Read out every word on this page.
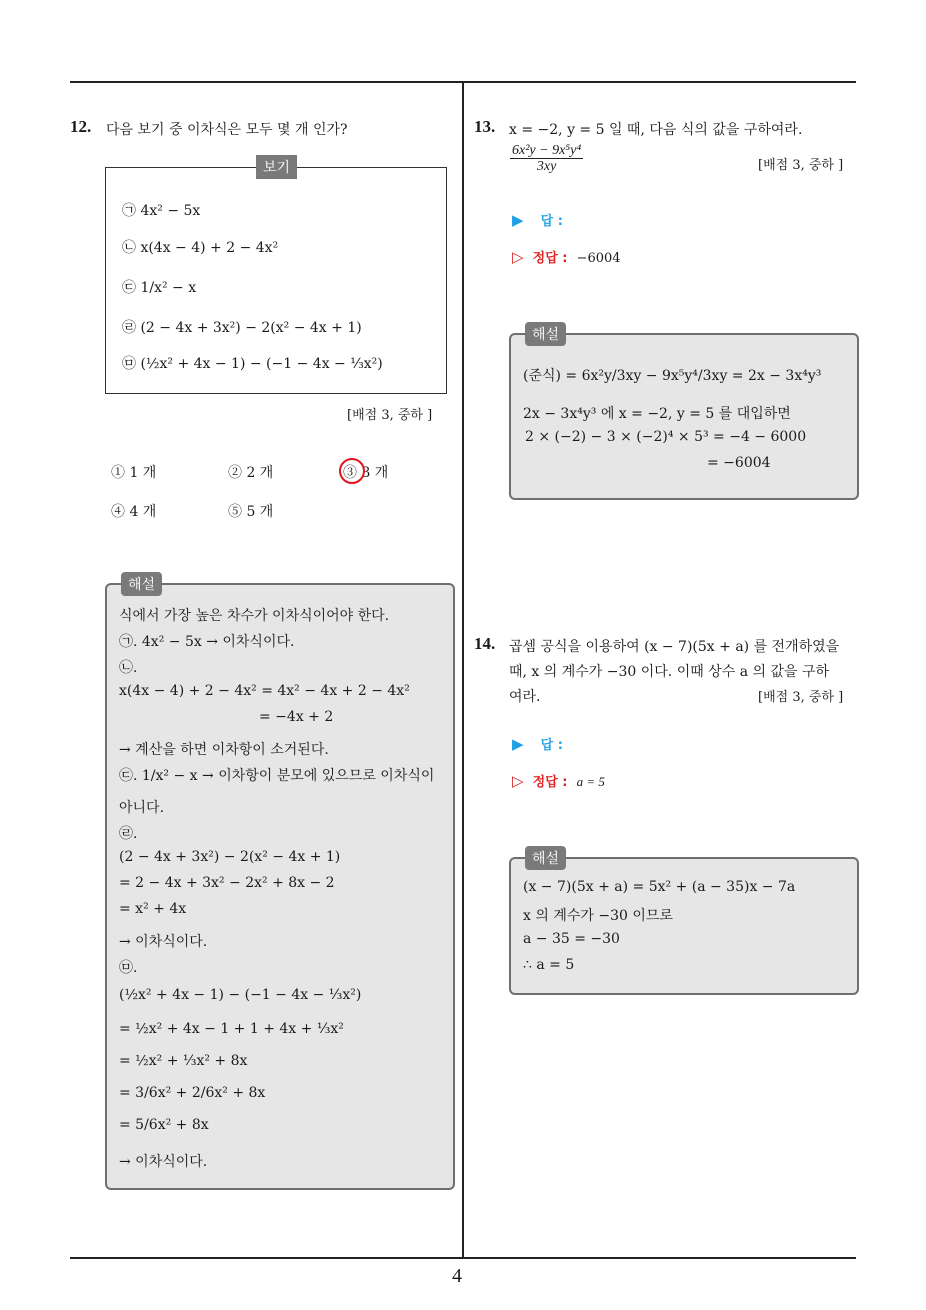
4
12. 다음 보기 중 이차식은 모두 몇 개 인가?
보기
㉠ 4x² − 5x
㉡ x(4x − 4) + 2 − 4x²
㉢ 1/x² − x
㉣ (2 − 4x + 3x²) − 2(x² − 4x + 1)
㉤ (½x² + 4x − 1) − (−1 − 4x − ⅓x²)
[배점 3, 중하 ]
① 1 개	② 2 개	③ 3 개
④ 4 개	⑤ 5 개
해설
식에서 가장 높은 차수가 이차식이어야 한다.
㉠. 4x² − 5x → 이차식이다.
㉡.
x(4x − 4) + 2 − 4x² = 4x² − 4x + 2 − 4x²
= −4x + 2
→ 계산을 하면 이차항이 소거된다.
㉢. 1/x² − x → 이차항이 분모에 있으므로 이차식이
아니다.
㉣.
(2 − 4x + 3x²) − 2(x² − 4x + 1)
= 2 − 4x + 3x² − 2x² + 8x − 2
= x² + 4x
→ 이차식이다.
㉤.
(½x² + 4x − 1) − (−1 − 4x − ⅓x²)
= ½x² + 4x − 1 + 1 + 4x + ⅓x²
= ½x² + ⅓x² + 8x
= 3/6x² + 2/6x² + 8x
= 5/6x² + 8x
→ 이차식이다.
13. x = −2, y = 5 일 때, 다음 식의 값을 구하여라.
$\frac{\text{6x²y − 9x⁵y⁴}}{3xy}$	[배점 3, 중하 ]
▶ 답 :
▷ 정답 : −6004
해설
(준식) = 6x²y/3xy − 9x⁵y⁴/3xy = 2x − 3x⁴y³
2x − 3x⁴y³ 에 x = −2, y = 5 를 대입하면
2 × (−2) − 3 × (−2)⁴ × 5³ = −4 − 6000
= −6004
14. 곱셈 공식을 이용하여 (x − 7)(5x + a) 를 전개하였을
때, x 의 계수가 −30 이다. 이때 상수 a 의 값을 구하
여라.	[배점 3, 중하 ]
▶ 답 :
▷ 정답 : a = 5
해설
(x − 7)(5x + a) = 5x² + (a − 35)x − 7a
x 의 계수가 −30 이므로
a − 35 = −30
∴ a = 5
